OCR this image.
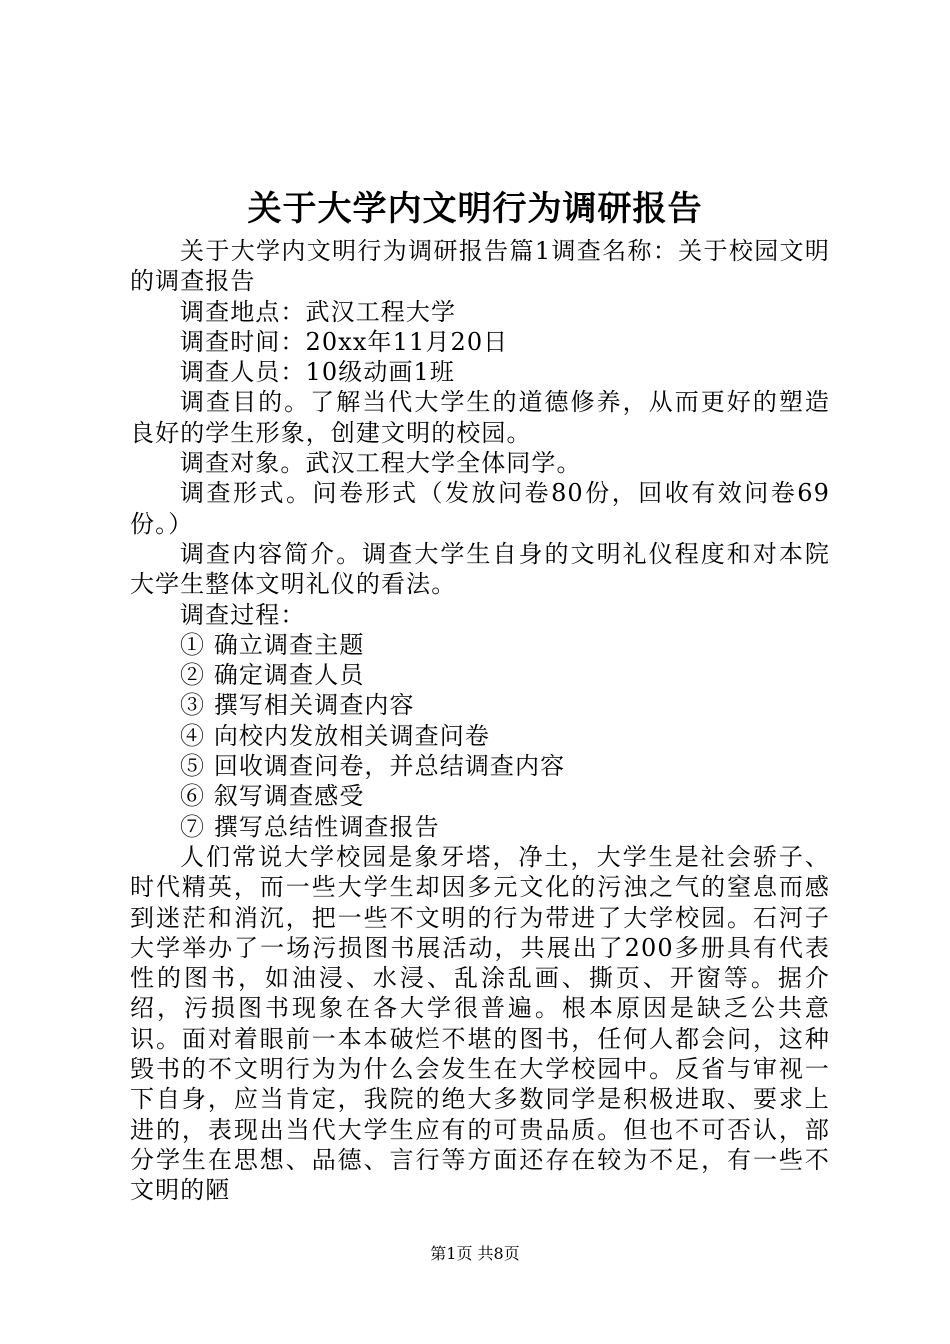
关于大学内文明行为调研报告

关于大学内文明行为调研报告篇1调查名称：关于校园文明的调查报告

调查地点：武汉工程大学

调查时间：20xx年11月20日

调查人员：10级动画1班

调查目的。了解当代大学生的道德修养，从而更好的塑造良好的学生形象，创建文明的校园。

调查对象。武汉工程大学全体同学。

调查形式。问卷形式（发放问卷80份，回收有效问卷69份。）

调查内容简介。调查大学生自身的文明礼仪程度和对本院大学生整体文明礼仪的看法。

调查过程：

① 确立调查主题

② 确定调查人员

③ 撰写相关调查内容

④ 向校内发放相关调查问卷

⑤ 回收调查问卷，并总结调查内容

⑥ 叙写调查感受

⑦ 撰写总结性调查报告

人们常说大学校园是象牙塔，净土，大学生是社会骄子、时代精英，而一些大学生却因多元文化的污浊之气的窒息而感到迷茫和消沉，把一些不文明的行为带进了大学校园。石河子大学举办了一场污损图书展活动，共展出了200多册具有代表性的图书，如油浸、水浸、乱涂乱画、撕页、开窗等。据介绍，污损图书现象在各大学很普遍。根本原因是缺乏公共意识。面对着眼前一本本破烂不堪的图书，任何人都会问，这种毁书的不文明行为为什么会发生在大学校园中。反省与审视一下自身，应当肯定，我院的绝大多数同学是积极进取、要求上进的，表现出当代大学生应有的可贵品质。但也不可否认，部分学生在思想、品德、言行等方面还存在较为不足，有一些不文明的陋

第1页 共8页
